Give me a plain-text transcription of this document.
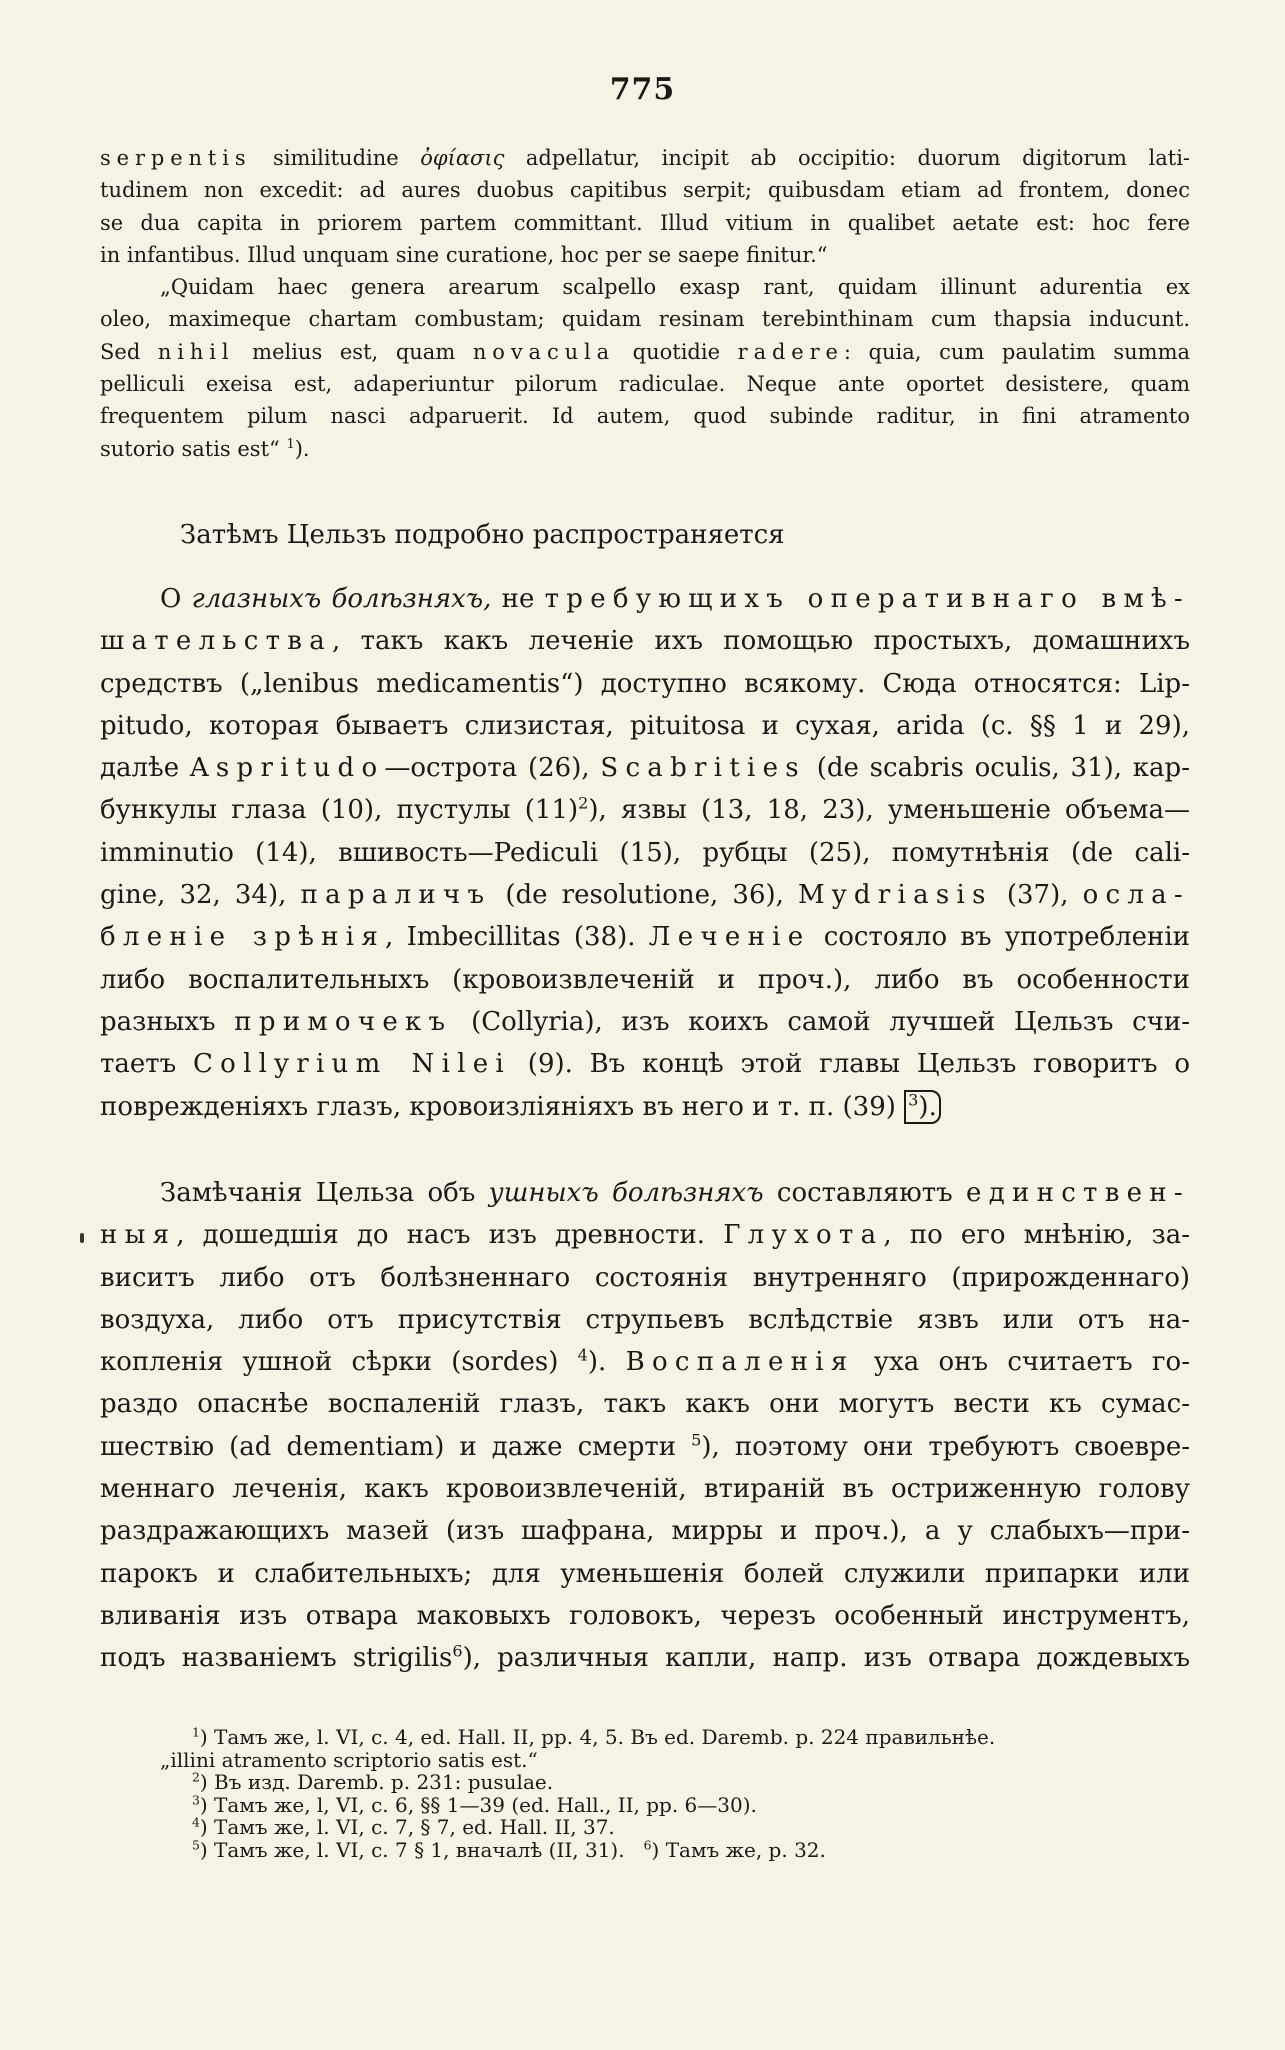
775

serpentis similitudine ὀφίασις adpellatur, incipit ab occipitio: duorum digitorum lati-

tudinem non excedit: ad aures duobus capitibus serpit; quibusdam etiam ad frontem, donec

se dua capita in priorem partem committant. Illud vitium in qualibet aetate est: hoc fere

in infantibus. Illud unquam sine curatione, hoc per se saepe finitur.“

„Quidam haec genera arearum scalpello exasp rant, quidam illinunt adurentia ex

oleo, maximeque chartam combustam; quidam resinam terebinthinam cum thapsia inducunt.

Sed nihil melius est, quam novacula quotidie radere: quia, cum paulatim summa

pelliculi exeisa est, adaperiuntur pilorum radiculae. Neque ante oportet desistere, quam

frequentem pilum nasci adparuerit. Id autem, quod subinde raditur, in fini atramento

sutorio satis est“ $^1$).

Затѣмъ Цельзъ подробно распространяется

О глазныхъ болѣзняхъ, не требующихъ оперативнаго вмѣ-

шательства, такъ какъ леченіе ихъ помощью простыхъ, домашнихъ

средствъ („lenibus medicamentis“) доступно всякому. Сюда относятся: Lip-

pitudo, которая бываетъ слизистая, pituitosa и сухая, arida (с. §§ 1 и 29),

далѣе Aspritudo—острота (26), Scabrities (de scabris oculis, 31), кар-

бункулы глаза (10), пустулы $(11)^2$), язвы (13, 18, 23), уменьшеніе объема—

imminutio (14), вшивость—Pediculi (15), рубцы (25), помутнѣнія (de cali-

gine, 32, 34), параличъ (de resolutione, 36), Mydriasis (37), осла-

бленіе зрѣнія, Imbecillitas (38). Леченіе состояло въ употребленіи

либо воспалительныхъ (кровоизвлеченій и проч.), либо въ особенности

разныхъ примочекъ (Collyria), изъ коихъ самой лучшей Цельзъ счи-

таетъ Collyrium Nilei (9). Въ концѣ этой главы Цельзъ говоритъ о

поврежденіяхъ глазъ, кровоизліяніяхъ въ него и т. п. (39) $^3$).

Замѣчанія Цельза объ ушныхъ болѣзняхъ составляютъ единствен-

ныя, дошедшія до насъ изъ древности. Глухота, по его мнѣнію, за-

виситъ либо отъ болѣзненнаго состоянія внутренняго (прирожденнаго)

воздуха, либо отъ присутствія струпьевъ вслѣдствіе язвъ или отъ на-

копленія ушной сѣрки (sordes) $^4$). Воспаленія уха онъ считаетъ го-

раздо опаснѣе воспаленій глазъ, такъ какъ они могутъ вести къ сумас-

шествію (ad dementiam) и даже смерти $^5$), поэтому они требуютъ своевре-

меннаго леченія, какъ кровоизвлеченій, втираній въ остриженную голову

раздражающихъ мазей (изъ шафрана, мирры и проч.), а у слабыхъ—при-

парокъ и слабительныхъ; для уменьшенія болей служили припарки или

вливанія изъ отвара маковыхъ головокъ, черезъ особенный инструментъ,

подъ названіемъ strigilis$^6$), различныя капли, напр. изъ отвара дождевыхъ

$^1$) Тамъ же, l. VI, c. 4, ed. Hall. II, pp. 4, 5. Въ ed. Daremb. p. 224 правильнѣе.

„illini atramento scriptorio satis est.“

$^2$) Въ изд. Daremb. p. 231: pusulae.

$^3$) Тамъ же, l, VI, c. 6, §§ 1—39 (ed. Hall., II, pp. 6—30).

$^4$) Тамъ же, l. VI, c. 7, § 7, ed. Hall. II, 37.

$^5$) Тамъ же, l. VI, c. 7 § 1, вначалѣ (II, 31). $^6$) Тамъ же, p. 32.
